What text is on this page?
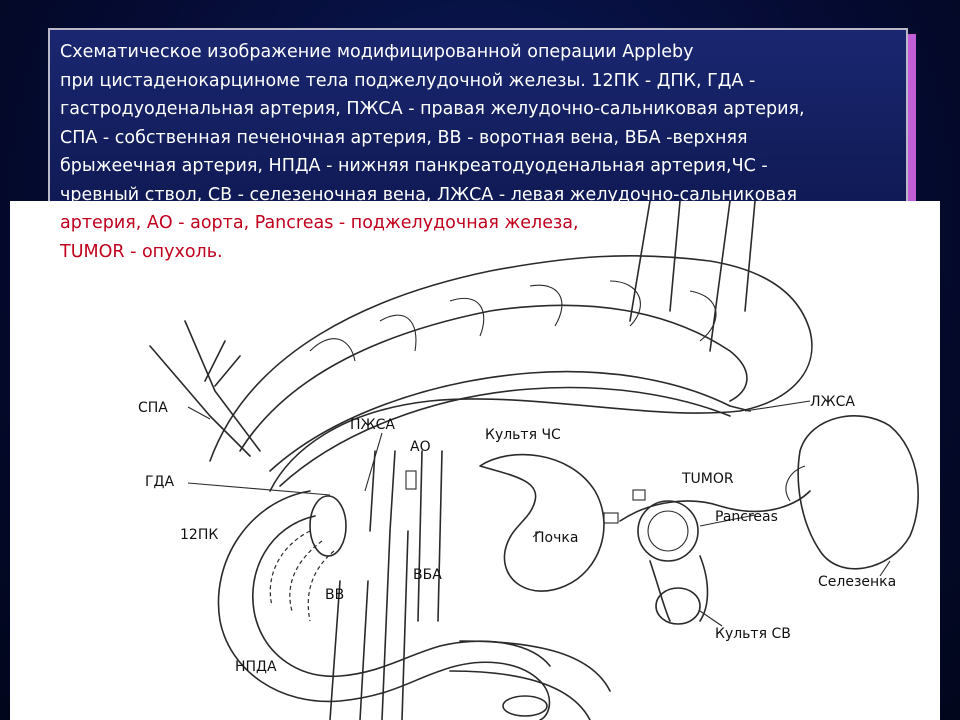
СПА
ГДА
12ПК
ПЖСА
АО
Культя ЧС
TUMOR
ЛЖСА
Pancreas
Почка
Селезенка
ВВ
ВБА
НПДА
Культя СВ
Схематическое изображение модифицированной операции Appleby
при цистаденокарциноме тела поджелудочной железы. 12ПК - ДПК, ГДА -
гастродуоденальная артерия, ПЖСА - правая желудочно-сальниковая артерия,
СПА - собственная печеночная артерия, ВВ - воротная вена, ВБА -верхняя
брыжеечная артерия, НПДА - нижняя панкреатодуоденальная артерия,ЧС -
чревный ствол, СВ - селезеночная вена, ЛЖСА - левая желудочно-сальниковая
артерия, АО - аорта, Pancreas - поджелудочная железа,
TUMOR - опухоль.
